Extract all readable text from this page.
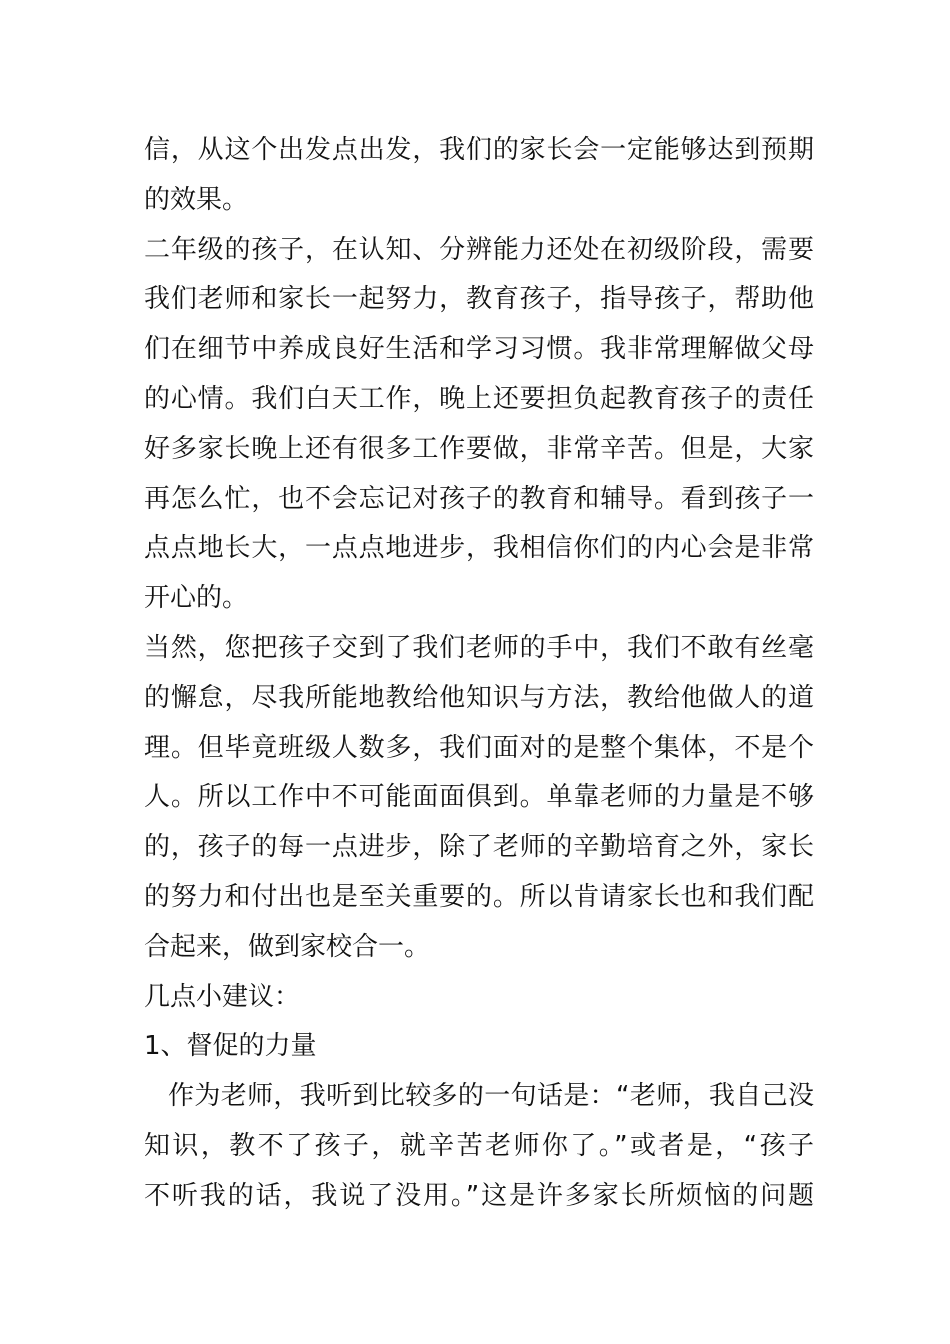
信，从这个出发点出发，我们的家长会一定能够达到预期
的效果。
二年级的孩子，在认知、分辨能力还处在初级阶段，需要
我们老师和家长一起努力，教育孩子，指导孩子，帮助他
们在细节中养成良好生活和学习习惯。我非常理解做父母
的心情。我们白天工作，晚上还要担负起教育孩子的责任
好多家长晚上还有很多工作要做，非常辛苦。但是，大家
再怎么忙，也不会忘记对孩子的教育和辅导。看到孩子一
点点地长大，一点点地进步，我相信你们的内心会是非常
开心的。
当然，您把孩子交到了我们老师的手中，我们不敢有丝毫
的懈怠，尽我所能地教给他知识与方法，教给他做人的道
理。但毕竟班级人数多，我们面对的是整个集体，不是个
人。所以工作中不可能面面俱到。单靠老师的力量是不够
的，孩子的每一点进步，除了老师的辛勤培育之外，家长
的努力和付出也是至关重要的。所以肯请家长也和我们配
合起来，做到家校合一。
几点小建议：
1、督促的力量
作为老师，我听到比较多的一句话是：“老师，我自己没
知识，教不了孩子，就辛苦老师你了。”或者是，“孩子
不听我的话，我说了没用。”这是许多家长所烦恼的问题
